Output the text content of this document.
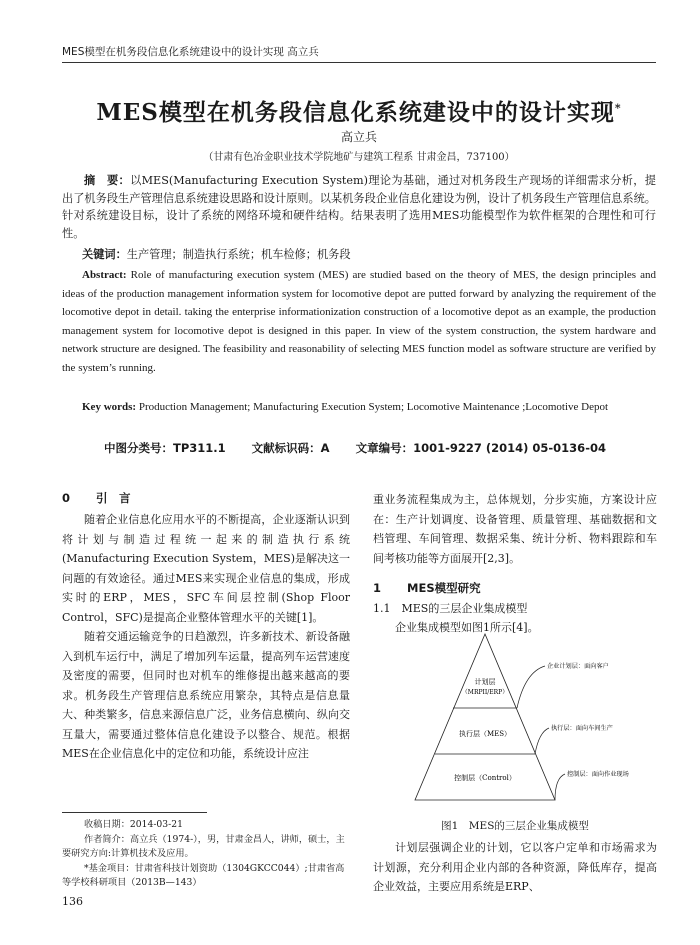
MES模型在机务段信息化系统建设中的设计实现 高立兵
MES模型在机务段信息化系统建设中的设计实现*
高立兵
（甘肃有色冶金职业技术学院地矿与建筑工程系 甘肃金昌，737100）
摘　要：以MES(Manufacturing Execution System)理论为基础，通过对机务段生产现场的详细需求分析，提出了机务段生产管理信息系统建设思路和设计原则。以某机务段企业信息化建设为例，设计了机务段生产管理信息系统。针对系统建设目标，设计了系统的网络环境和硬件结构。结果表明了选用MES功能模型作为软件框架的合理性和可行性。
关键词：生产管理；制造执行系统；机车检修；机务段
Abstract: Role of manufacturing execution system (MES) are studied based on the theory of MES, the design principles and ideas of the production management information system for locomotive depot are putted forward by analyzing the requirement of the locomotive depot in detail. taking the enterprise informationization construction of a locomotive depot as an example, the production management system for locomotive depot is designed in this paper. In view of the system construction, the system hardware and network structure are designed. The feasibility and reasonability of selecting MES function model as software structure are verified by the system’s running.
Key words: Production Management; Manufacturing Execution System; Locomotive Maintenance ;Locomotive Depot
中图分类号：TP311.1 文献标识码：A 文章编号：1001-9227 (2014) 05-0136-04
0 引　言
随着企业信息化应用水平的不断提高，企业逐渐认识到将计划与制造过程统一起来的制造执行系统(Manufacturing Execution System，MES)是解决这一问题的有效途径。通过MES来实现企业信息的集成，形成实时的ERP，MES，SFC车间层控制(Shop Floor Control，SFC)是提高企业整体管理水平的关键[1]。
随着交通运输竞争的日趋激烈，许多新技术、新设备融入到机车运行中，满足了增加列车运量，提高列车运营速度及密度的需要，但同时也对机车的维修提出越来越高的要求。机务段生产管理信息系统应用繁杂，其特点是信息量大、种类繁多，信息来源信息广泛，业务信息横向、纵向交互量大，需要通过整体信息化建设予以整合、规范。根据MES在企业信息化中的定位和功能，系统设计应注
重业务流程集成为主，总体规划，分步实施，方案设计应在：生产计划调度、设备管理、质量管理、基础数据和文档管理、车间管理、数据采集、统计分析、物料跟踪和车间考核功能等方面展开[2,3]。
1 MES模型研究
1.1　MES的三层企业集成模型
企业集成模型如图1所示[4]。
计划层
（MRPII/ERP）
执行层（MES）
控制层（Control）
企业计划层：面向客户
执行层：面向车间生产
控制层：面向作业现场
图1　MES的三层企业集成模型
计划层强调企业的计划，它以客户定单和市场需求为计划源，充分利用企业内部的各种资源，降低库存，提高企业效益，主要应用系统是ERP、
收稿日期：2014-03-21
作者简介：高立兵（1974-），男，甘肃金昌人，讲师，硕士，主要研究方向:计算机技术及应用。
*基金项目：甘肃省科技计划资助（1304GKCC044）;甘肃省高等学校科研项目（2013B—143）
136
